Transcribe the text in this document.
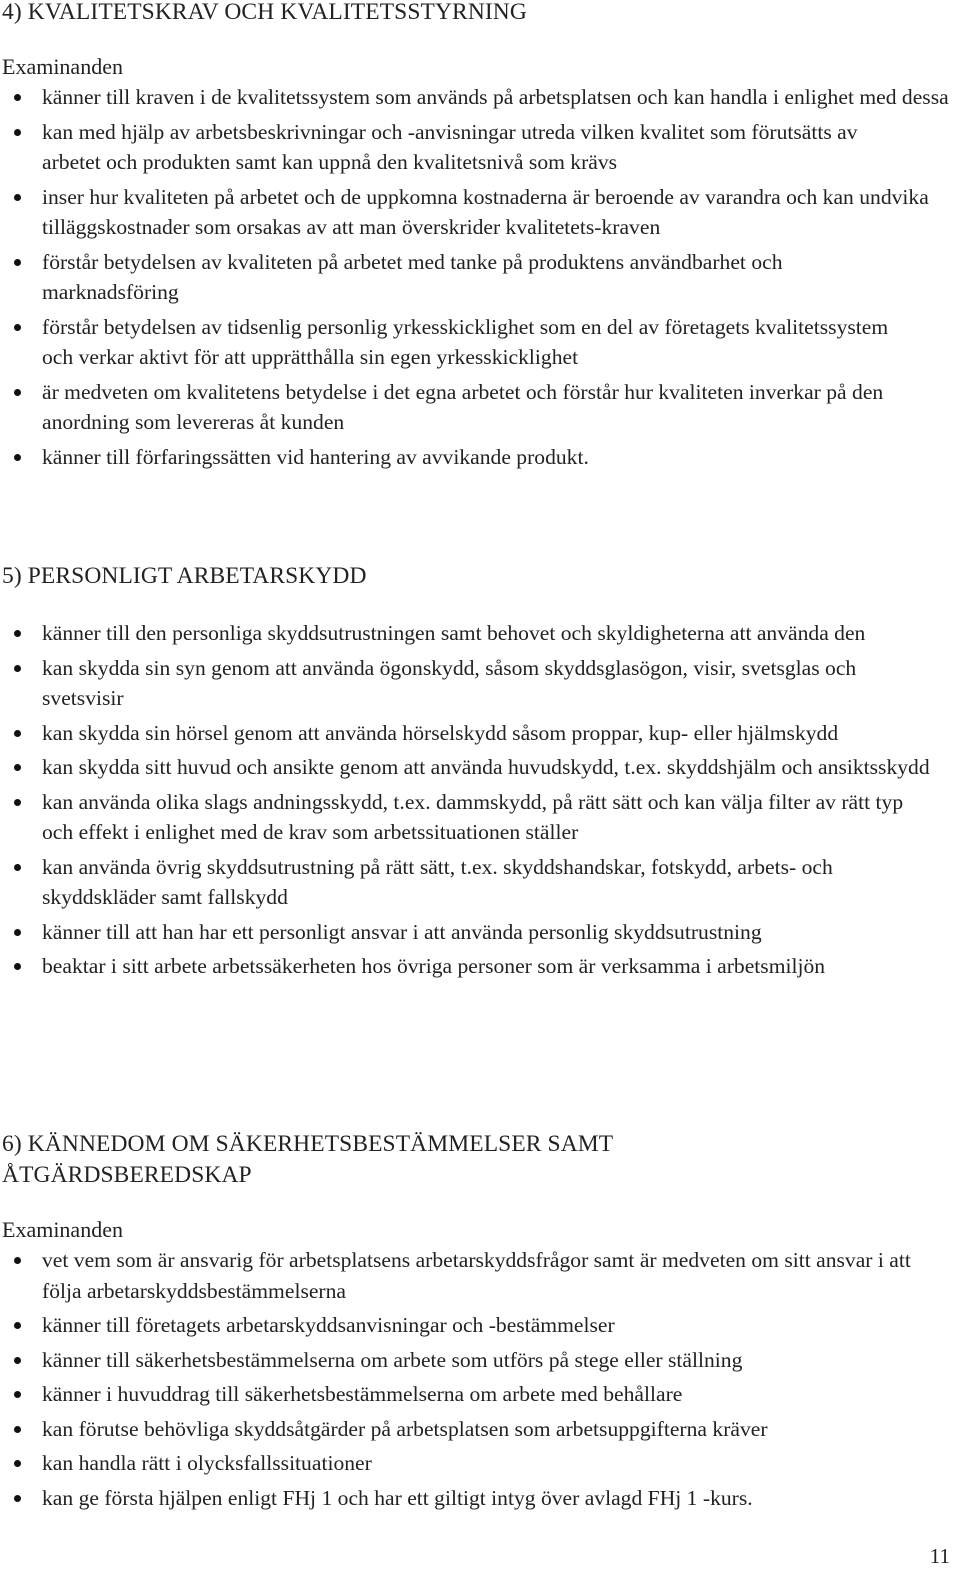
4) KVALITETSKRAV OCH KVALITETSSTYRNING

Examinanden

känner till kraven i de kvalitetssystem som används på arbetsplatsen och kan handla i enlighet med dessa
kan med hjälp av arbetsbeskrivningar och -anvisningar utreda vilken kvalitet som förutsätts av arbetet och produkten samt kan uppnå den kvalitetsnivå som krävs
inser hur kvaliteten på arbetet och de uppkomna kostnaderna är beroende av varandra och kan undvika tilläggskostnader som orsakas av att man överskrider kvalitetets-kraven
förstår betydelsen av kvaliteten på arbetet med tanke på produktens användbarhet och marknadsföring
förstår betydelsen av tidsenlig personlig yrkesskicklighet som en del av företagets kvalitetssystem och verkar aktivt för att upprätthålla sin egen yrkesskicklighet
är medveten om kvalitetens betydelse i det egna arbetet och förstår hur kvaliteten inverkar på den anordning som levereras åt kunden
känner till förfaringssätten vid hantering av avvikande produkt.
5) PERSONLIGT ARBETARSKYDD
känner till den personliga skyddsutrustningen samt behovet och skyldigheterna att använda den
kan skydda sin syn genom att använda ögonskydd, såsom skyddsglasögon, visir, svetsglas och svetsvisir
kan skydda sin hörsel genom att använda hörselskydd såsom proppar, kup- eller hjälmskydd
kan skydda sitt huvud och ansikte genom att använda huvudskydd, t.ex. skyddshjälm och ansiktsskydd
kan använda olika slags andningsskydd, t.ex. dammskydd, på rätt sätt och kan välja filter av rätt typ och effekt i enlighet med de krav som arbetssituationen ställer
kan använda övrig skyddsutrustning på rätt sätt, t.ex. skyddshandskar, fotskydd, arbets- och skyddskläder samt fallskydd
känner till att han har ett personligt ansvar i att använda personlig skyddsutrustning
beaktar i sitt arbete arbetssäkerheten hos övriga personer som är verksamma i arbetsmiljön
6) KÄNNEDOM OM SÄKERHETSBESTÄMMELSER SAMT ÅTGÄRDSBEREDSKAP

Examinanden

vet vem som är ansvarig för arbetsplatsens arbetarskyddsfrågor samt är medveten om sitt ansvar i att följa arbetarskyddsbestämmelserna
känner till företagets arbetarskyddsanvisningar och -bestämmelser
känner till säkerhetsbestämmelserna om arbete som utförs på stege eller ställning
känner i huvuddrag till säkerhetsbestämmelserna om arbete med behållare
kan förutse behövliga skyddsåtgärder på arbetsplatsen som arbetsuppgifterna kräver
kan handla rätt i olycksfallssituationer
kan ge första hjälpen enligt FHj 1 och har ett giltigt intyg över avlagd FHj 1 -kurs.

11
